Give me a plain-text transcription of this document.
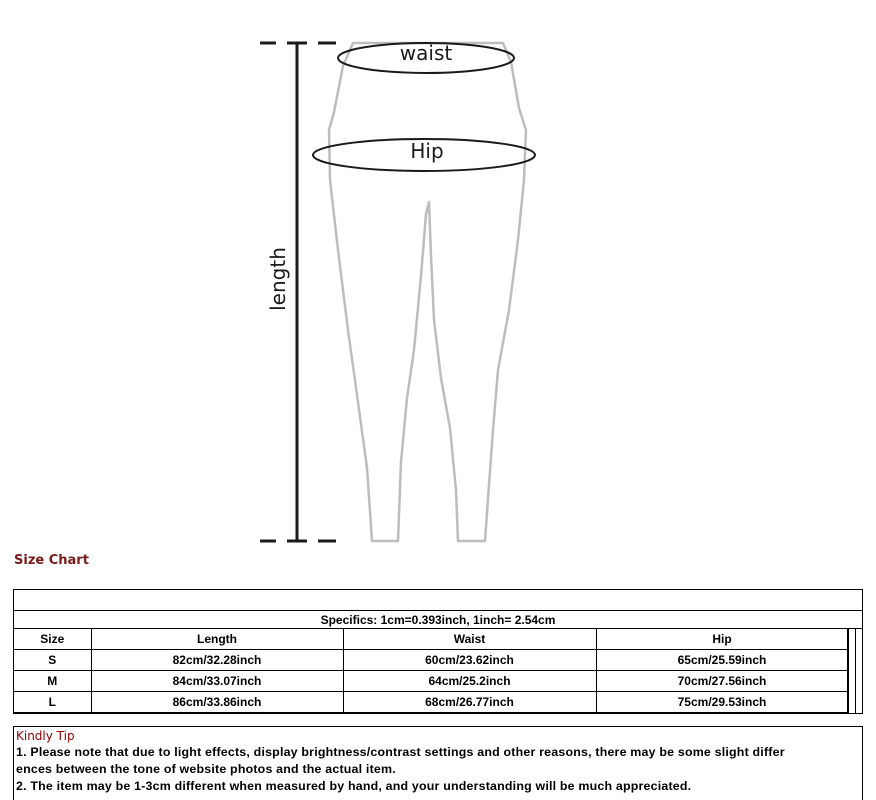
waist
Hip
length
Size Chart
Specifics: 1cm=0.393inch, 1inch= 2.54cm
Size	Length	Waist	Hip
S	82cm/32.28inch	60cm/23.62inch	65cm/25.59inch
M	84cm/33.07inch	64cm/25.2inch	70cm/27.56inch
L	86cm/33.86inch	68cm/26.77inch	75cm/29.53inch
Kindly Tip
1. Please note that due to light effects, display brightness/contrast settings and other reasons, there may be some slight differ
ences between the tone of website photos and the actual item.
2. The item may be 1-3cm different when measured by hand, and your understanding will be much appreciated.
